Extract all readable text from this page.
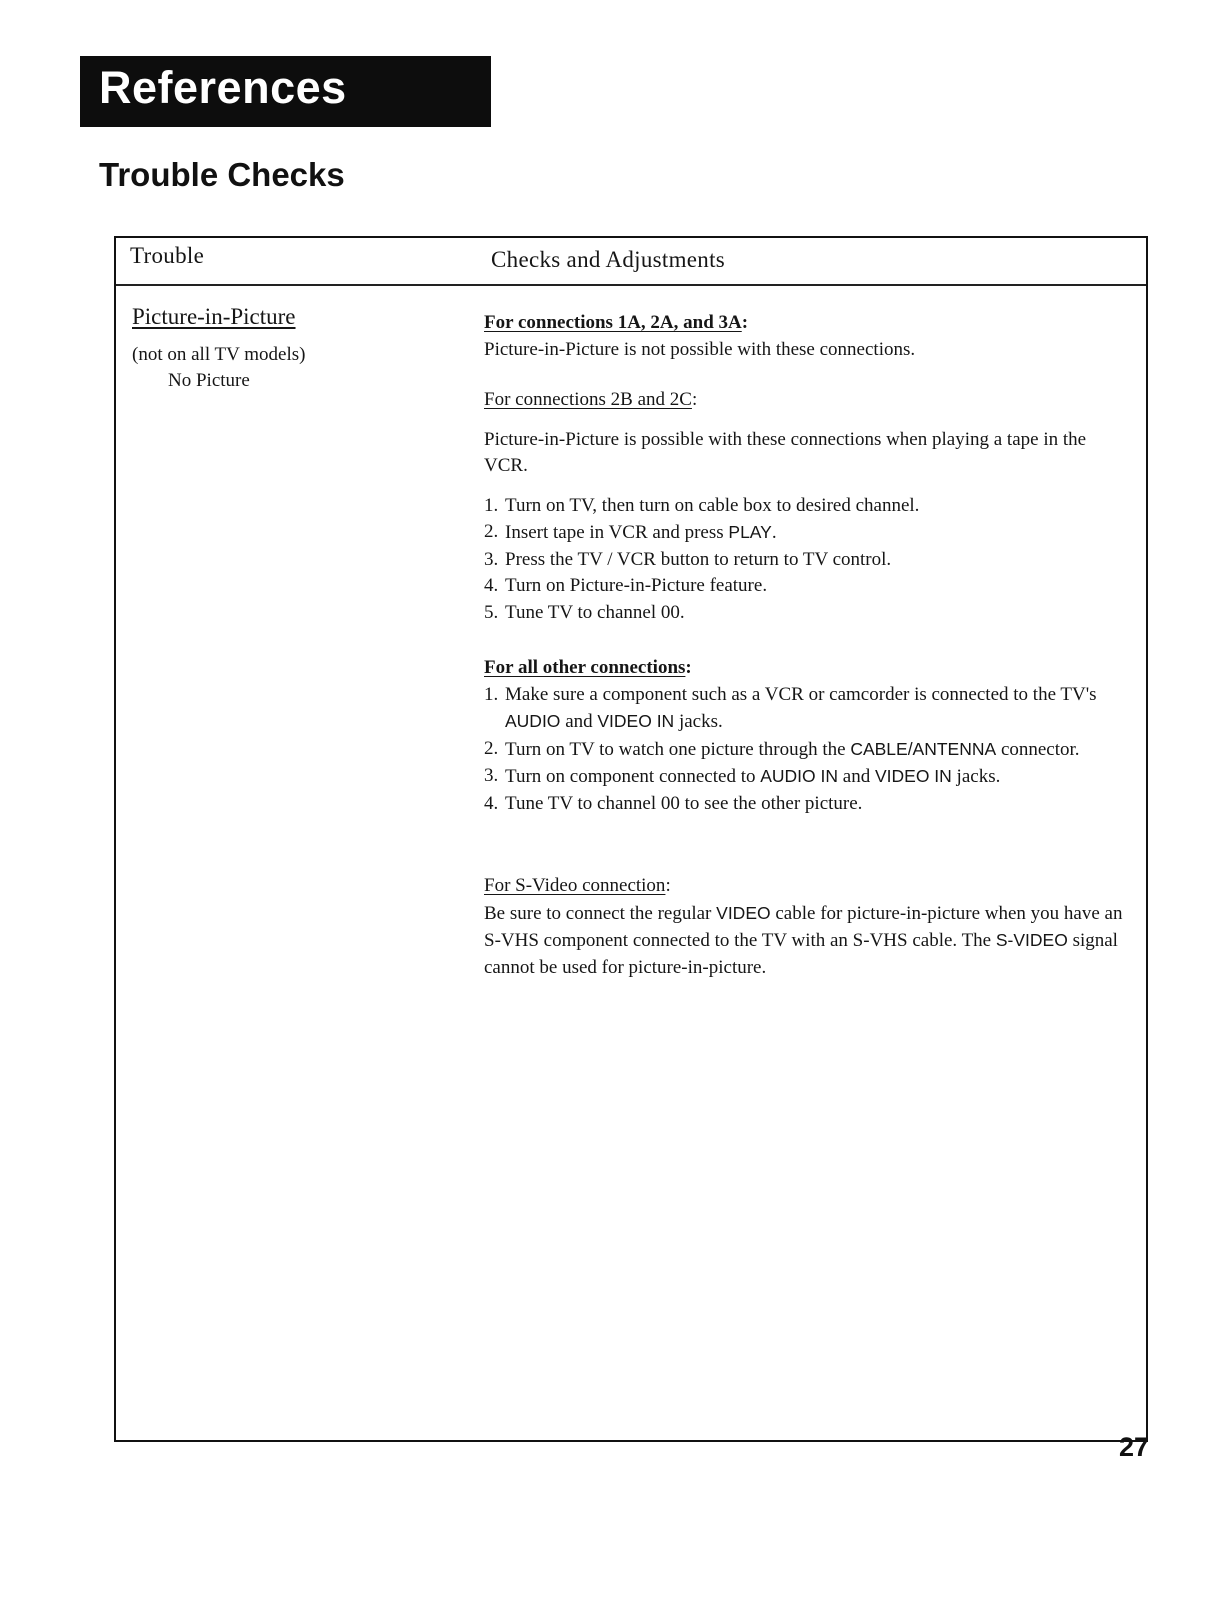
References
Trouble Checks
Trouble	Checks and Adjustments
Picture-in-Picture
(not on all TV models)
No Picture
For connections 1A, 2A, and 3A:

Picture-in-Picture is not possible with these connections.

For connections 2B and 2C:

Picture-in-Picture is possible with these connections when playing a tape in the VCR.

1. Turn on TV, then turn on cable box to desired channel.
2. Insert tape in VCR and press PLAY.
3. Press the TV / VCR button to return to TV control.
4. Turn on Picture-in-Picture feature.
5. Tune TV to channel 00.
For all other connections:
1. Make sure a component such as a VCR or camcorder is connected to the TV's AUDIO and VIDEO IN jacks.
2. Turn on TV to watch one picture through the CABLE/ANTENNA connector.
3. Turn on component connected to AUDIO IN and VIDEO IN jacks.
4. Tune TV to channel 00 to see the other picture.
For S-Video connection:

Be sure to connect the regular VIDEO cable for picture-in-picture when you have an S-VHS component connected to the TV with an S-VHS cable. The S-VIDEO signal cannot be used for picture-in-picture.

27
